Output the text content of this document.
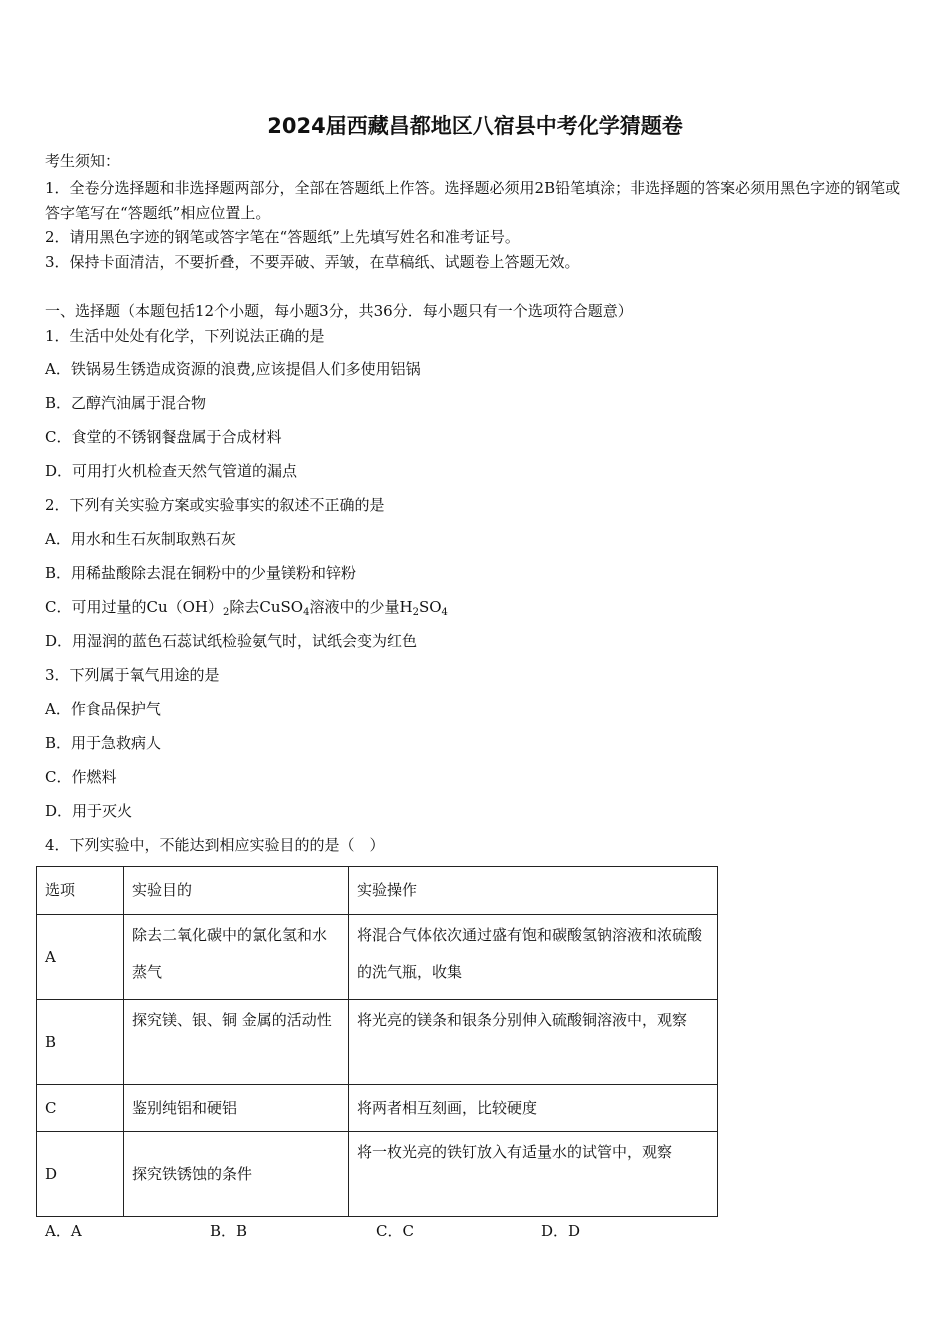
2024届西藏昌都地区八宿县中考化学猜题卷
考生须知：
1．全卷分选择题和非选择题两部分，全部在答题纸上作答。选择题必须用2B铅笔填涂；非选择题的答案必须用黑色字迹的钢笔或答字笔写在“答题纸”相应位置上。
2．请用黑色字迹的钢笔或答字笔在“答题纸”上先填写姓名和准考证号。
3．保持卡面清洁，不要折叠，不要弄破、弄皱，在草稿纸、试题卷上答题无效。
一、选择题（本题包括12个小题，每小题3分，共36分．每小题只有一个选项符合题意）
1．生活中处处有化学，下列说法正确的是
A．铁锅易生锈造成资源的浪费,应该提倡人们多使用铝锅
B．乙醇汽油属于混合物
C．食堂的不锈钢餐盘属于合成材料
D．可用打火机检查天然气管道的漏点
2．下列有关实验方案或实验事实的叙述不正确的是
A．用水和生石灰制取熟石灰
B．用稀盐酸除去混在铜粉中的少量镁粉和锌粉
C．可用过量的$Cu(OH)_2$除去CuSO$_4$溶液中的少量$H_2SO_4$
D．用湿润的蓝色石蕊试纸检验氨气时，试纸会变为红色
3．下列属于氧气用途的是
A．作食品保护气
B．用于急救病人
C．作燃料
D．用于灭火
4．下列实验中，不能达到相应实验目的的是（　）
选项	实验目的	实验操作
A	除去二氧化碳中的氯化氢和水蒸气	将混合气体依次通过盛有饱和碳酸氢钠溶液和浓硫酸的洗气瓶，收集
B	探究镁、银、铜 金属的活动性	将光亮的镁条和银条分别伸入硫酸铜溶液中，观察
C	鉴别纯铝和硬铝	将两者相互刻画，比较硬度
D	探究铁锈蚀的条件	将一枚光亮的铁钉放入有适量水的试管中，观察
A．A	B．B	C．C	D．D
